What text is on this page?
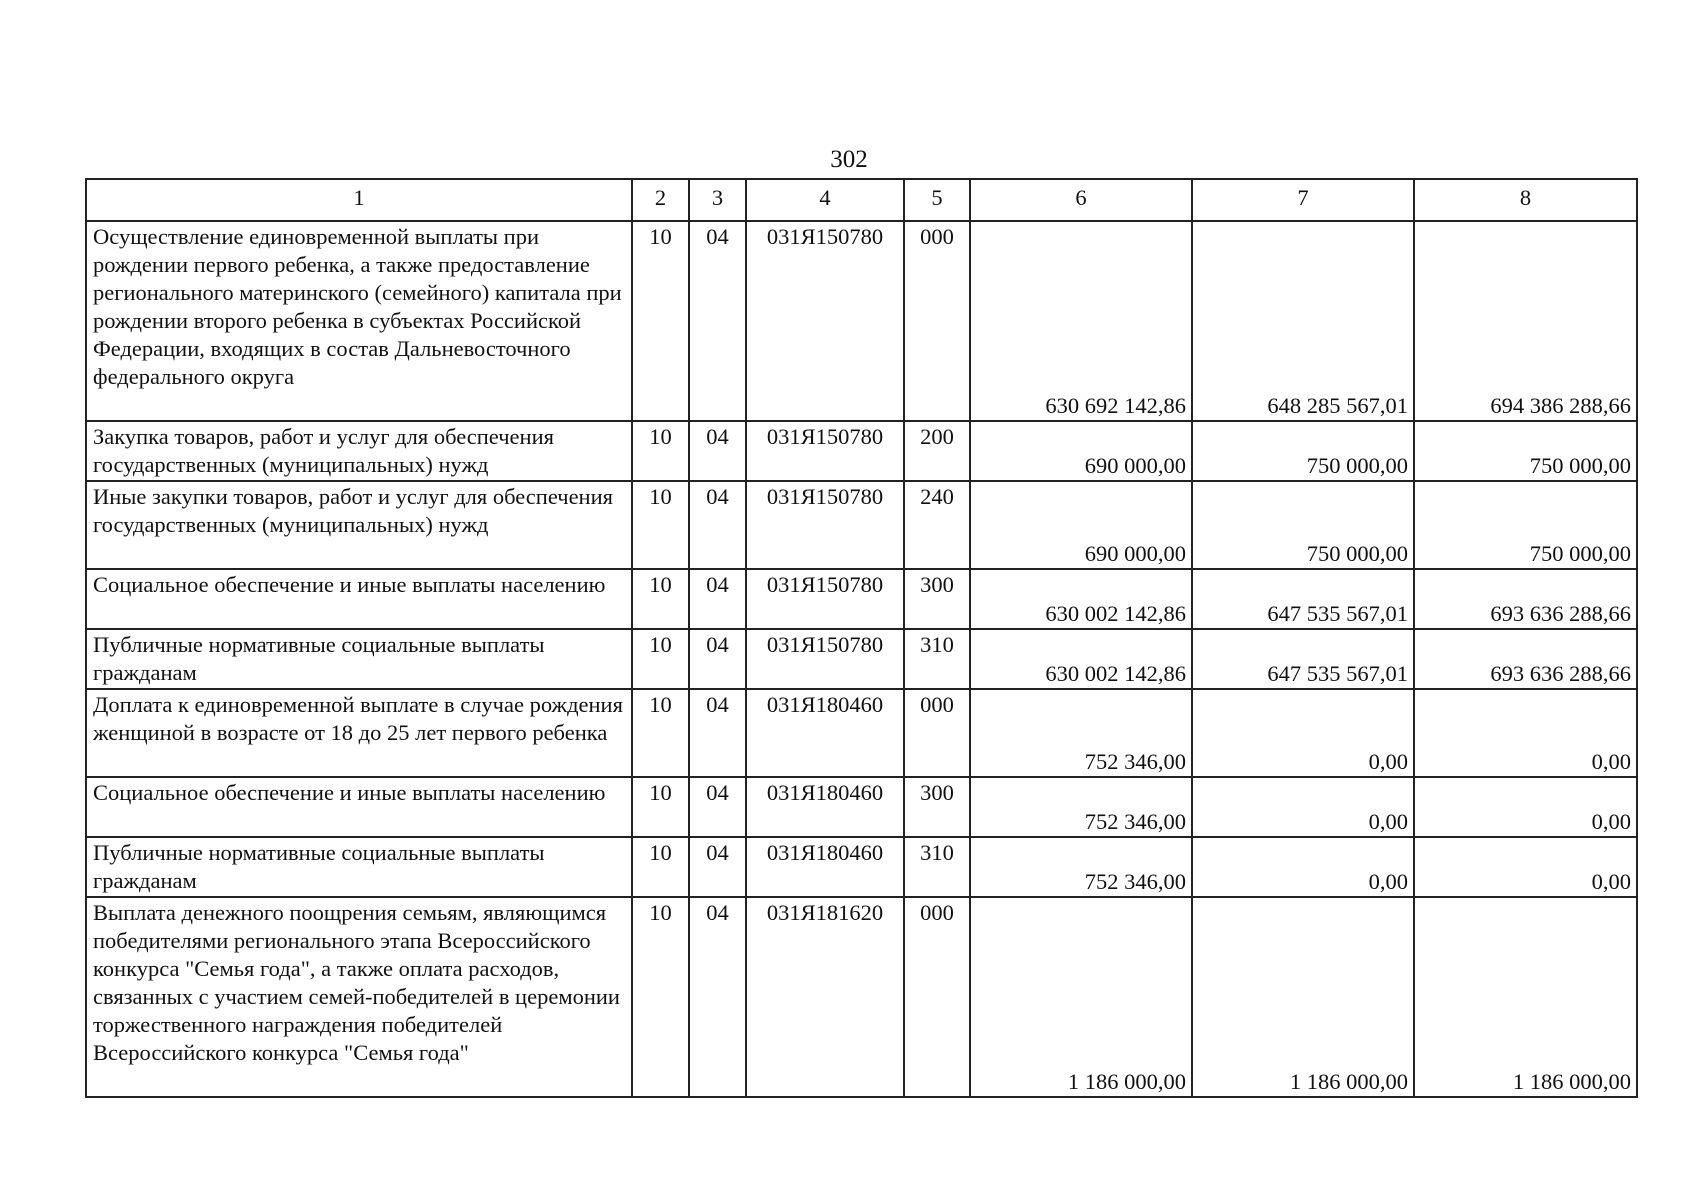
302
1	2	3	4	5	6	7	8
Осуществление единовременной выплаты при рождении первого ребенка, а также предоставление регионального материнского (семейного) капитала при рождении второго ребенка в субъектах Российской Федерации, входящих в состав Дальневосточного федерального округа	10	04	031Я150780	000	630 692 142,86	648 285 567,01	694 386 288,66
Закупка товаров, работ и услуг для обеспечения государственных (муниципальных) нужд	10	04	031Я150780	200	690 000,00	750 000,00	750 000,00
Иные закупки товаров, работ и услуг для обеспечения государственных (муниципальных) нужд	10	04	031Я150780	240	690 000,00	750 000,00	750 000,00
Социальное обеспечение и иные выплаты населению	10	04	031Я150780	300	630 002 142,86	647 535 567,01	693 636 288,66
Публичные нормативные социальные выплаты гражданам	10	04	031Я150780	310	630 002 142,86	647 535 567,01	693 636 288,66
Доплата к единовременной выплате в случае рождения женщиной в возрасте от 18 до 25 лет первого ребенка	10	04	031Я180460	000	752 346,00	0,00	0,00
Социальное обеспечение и иные выплаты населению	10	04	031Я180460	300	752 346,00	0,00	0,00
Публичные нормативные социальные выплаты гражданам	10	04	031Я180460	310	752 346,00	0,00	0,00
Выплата денежного поощрения семьям, являющимся победителями регионального этапа Всероссийского конкурса "Семья года", а также оплата расходов, связанных с участием семей-победителей в церемонии торжественного награждения победителей Всероссийского конкурса "Семья года"	10	04	031Я181620	000	1 186 000,00	1 186 000,00	1 186 000,00
